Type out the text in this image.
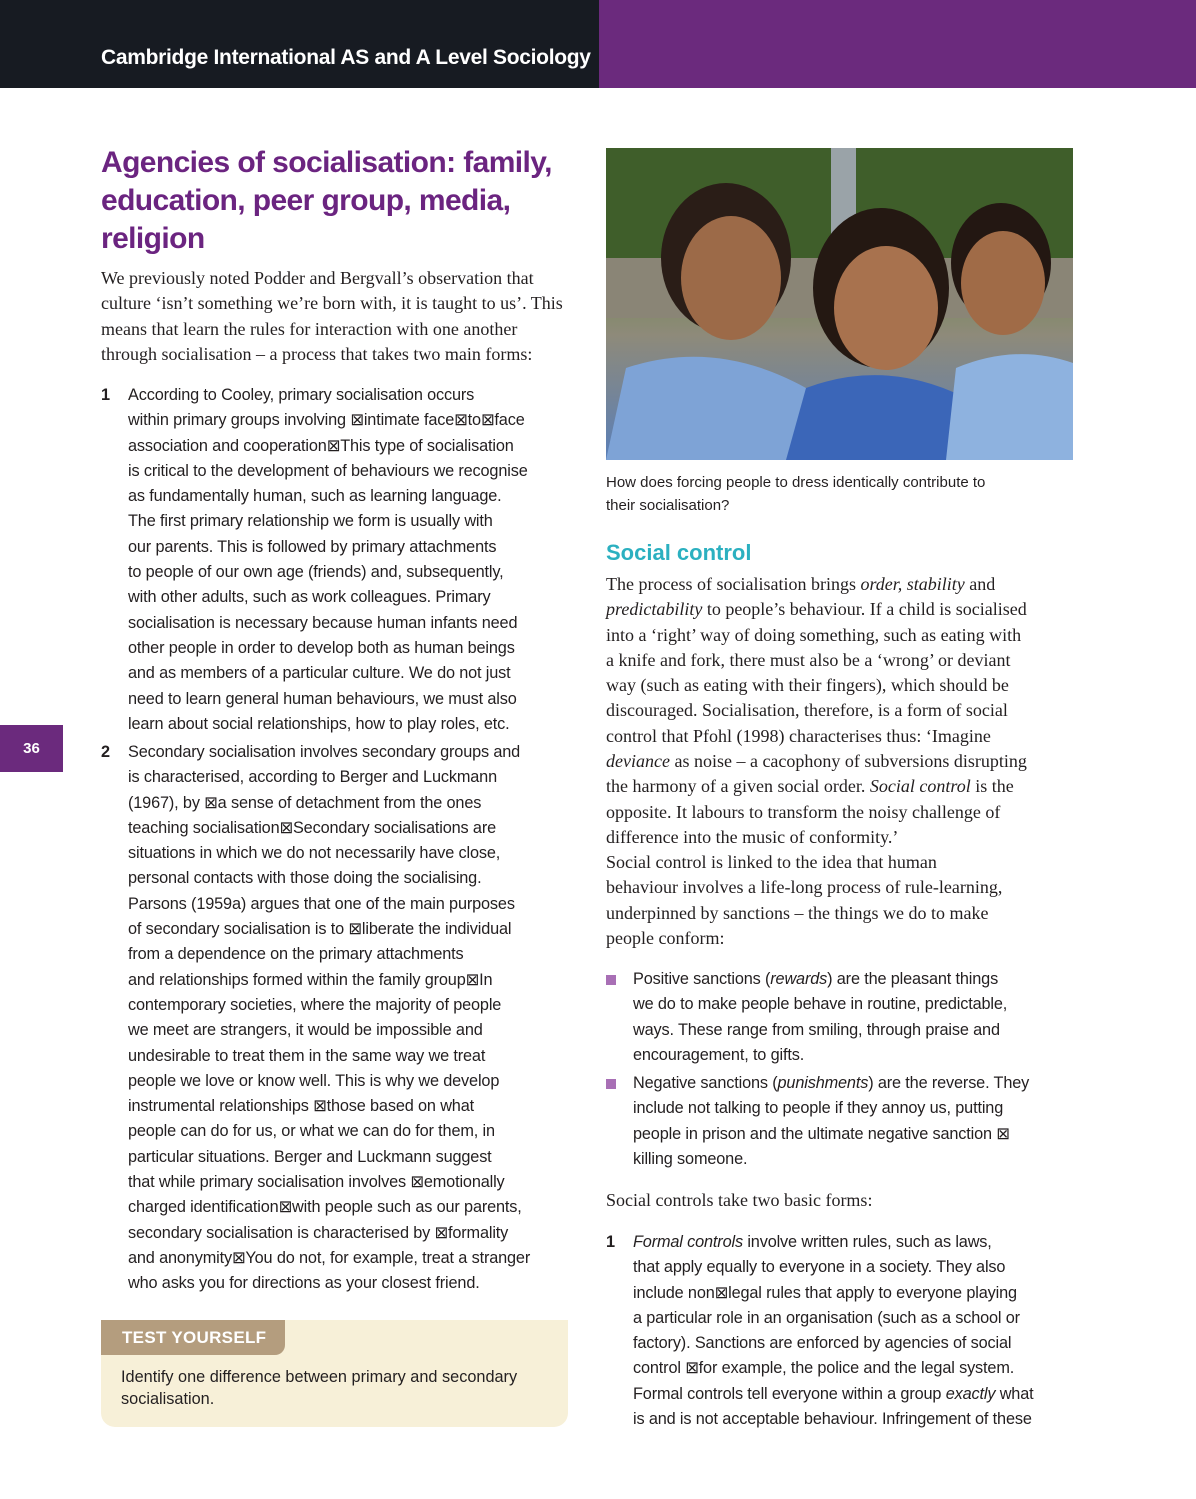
Cambridge International AS and A Level Sociology
Agencies of socialisation: family, education, peer group, media, religion
We previously noted Podder and Bergvall’s observation that
culture ‘isn’t something we’re born with, it is taught to us’. This
means that learn the rules for interaction with one another
through socialisation – a process that takes two main forms:
1 According to Cooley, primary socialisation occurs
within primary groups involving ⊠intimate face⊠to⊠face
association and cooperation⊠This type of socialisation
is critical to the development of behaviours we recognise
as fundamentally human, such as learning language.
The first primary relationship we form is usually with
our parents. This is followed by primary attachments
to people of our own age (friends) and, subsequently,
with other adults, such as work colleagues. Primary
socialisation is necessary because human infants need
other people in order to develop both as human beings
and as members of a particular culture. We do not just
need to learn general human behaviours, we must also
learn about social relationships, how to play roles, etc.
2 Secondary socialisation involves secondary groups and
is characterised, according to Berger and Luckmann
(1967), by ⊠a sense of detachment from the ones
teaching socialisation⊠Secondary socialisations are
situations in which we do not necessarily have close,
personal contacts with those doing the socialising.
Parsons (1959a) argues that one of the main purposes
of secondary socialisation is to ⊠liberate the individual
from a dependence on the primary attachments
and relationships formed within the family group⊠In
contemporary societies, where the majority of people
we meet are strangers, it would be impossible and
undesirable to treat them in the same way we treat
people we love or know well. This is why we develop
instrumental relationships ⊠those based on what
people can do for us, or what we can do for them, in
particular situations. Berger and Luckmann suggest
that while primary socialisation involves ⊠emotionally
charged identification⊠with people such as our parents,
secondary socialisation is characterised by ⊠formality
and anonymity⊠You do not, for example, treat a stranger
who asks you for directions as your closest friend.
36
TEST YOURSELF
Identify one difference between primary and secondary
socialisation.
How does forcing people to dress identically contribute to
their socialisation?
Social control
The process of socialisation brings order, stability and
predictability to people’s behaviour. If a child is socialised
into a ‘right’ way of doing something, such as eating with
a knife and fork, there must also be a ‘wrong’ or deviant
way (such as eating with their fingers), which should be
discouraged. Socialisation, therefore, is a form of social
control that Pfohl (1998) characterises thus: ‘Imagine
deviance as noise – a cacophony of subversions disrupting
the harmony of a given social order. Social control is the
opposite. It labours to transform the noisy challenge of
difference into the music of conformity.’
Social control is linked to the idea that human
behaviour involves a life-long process of rule-learning,
underpinned by sanctions – the things we do to make
people conform:
Positive sanctions (rewards) are the pleasant things
we do to make people behave in routine, predictable,
ways. These range from smiling, through praise and
encouragement, to gifts.
Negative sanctions (punishments) are the reverse. They
include not talking to people if they annoy us, putting
people in prison and the ultimate negative sanction ⊠
killing someone.
Social controls take two basic forms:
1 Formal controls involve written rules, such as laws,
that apply equally to everyone in a society. They also
include non⊠legal rules that apply to everyone playing
a particular role in an organisation (such as a school or
factory). Sanctions are enforced by agencies of social
control ⊠for example, the police and the legal system.
Formal controls tell everyone within a group exactly what
is and is not acceptable behaviour. Infringement of these
